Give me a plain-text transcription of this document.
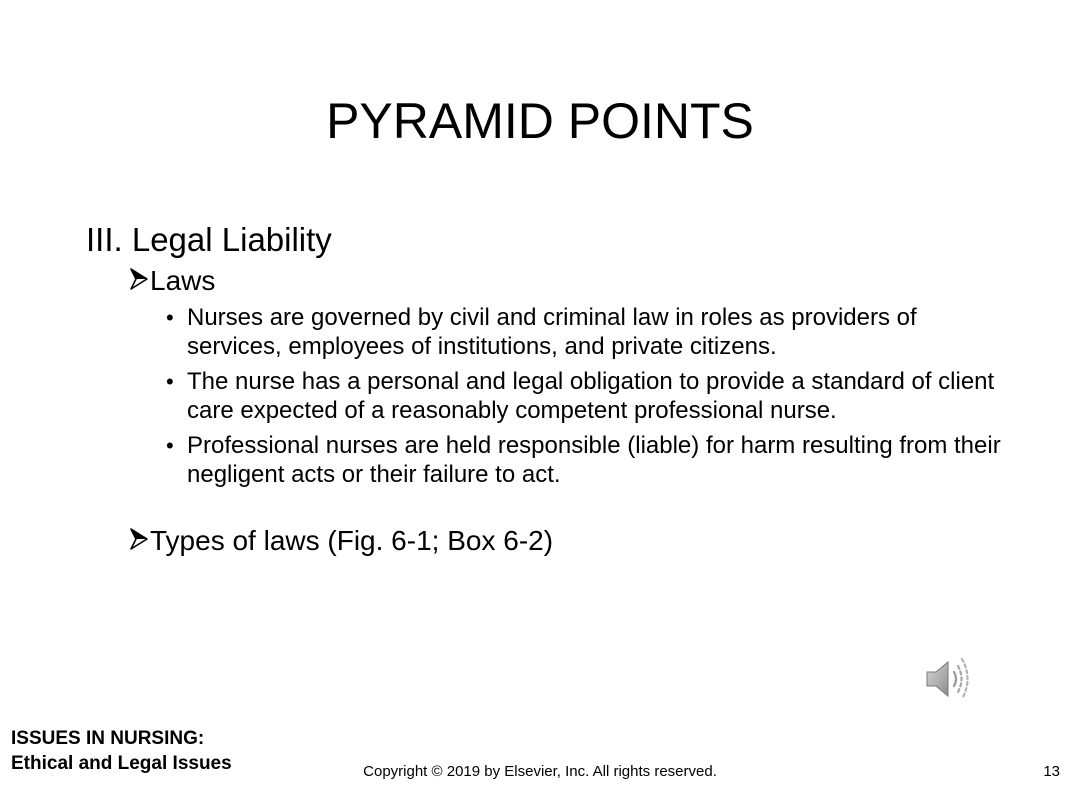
PYRAMID POINTS
III. Legal Liability
Laws
• Nurses are governed by civil and criminal law in roles as providers of services, employees of institutions, and private citizens.
• The nurse has a personal and legal obligation to provide a standard of client care expected of a reasonably competent professional nurse.
• Professional nurses are held responsible (liable) for harm resulting from their negligent acts or their failure to act.
Types of laws (Fig. 6-1; Box 6-2)
ISSUES IN NURSING:
Ethical and Legal Issues	Copyright © 2019 by Elsevier, Inc. All rights reserved.	13
